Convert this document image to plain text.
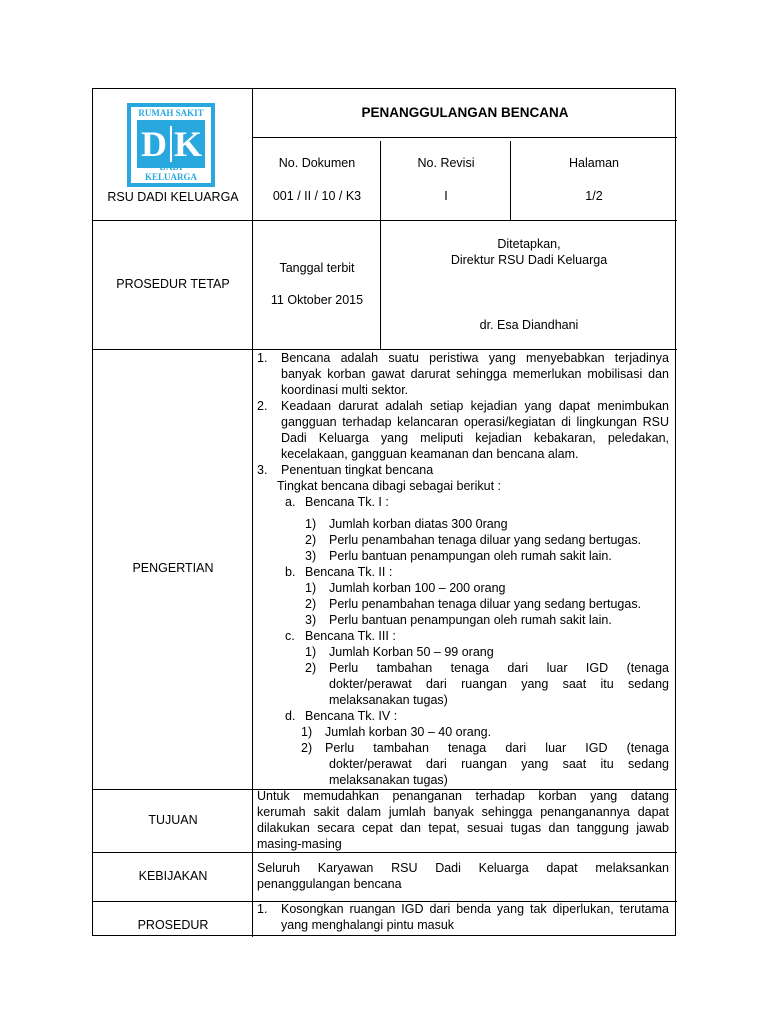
RUMAH SAKIT
D K
DADI KELUARGA
RSU DADI KELUARGA
PENANGGULANGAN BENCANA
No. Dokumen
001 / II / 10 / K3
No. Revisi
I
Halaman
1/2
PROSEDUR TETAP
Tanggal terbit
11 Oktober 2015
Ditetapkan,
Direktur RSU Dadi Keluarga
dr. Esa Diandhani
PENGERTIAN
1. Bencana adalah suatu peristiwa yang menyebabkan terjadinya
banyak korban gawat darurat sehingga memerlukan mobilisasi dan
koordinasi multi sektor.
2. Keadaan darurat adalah setiap kejadian yang dapat menimbukan
gangguan terhadap kelancaran operasi/kegiatan di lingkungan RSU
Dadi Keluarga yang meliputi kejadian kebakaran, peledakan,
kecelakaan, gangguan keamanan dan bencana alam.
3. Penentuan tingkat bencana
Tingkat bencana dibagi sebagai berikut :
a. Bencana Tk. I :
1) Jumlah korban diatas 300 0rang
2) Perlu penambahan tenaga diluar yang sedang bertugas.
3) Perlu bantuan penampungan oleh rumah sakit lain.
b. Bencana Tk. II :
1) Jumlah korban 100 – 200 orang
2) Perlu penambahan tenaga diluar yang sedang bertugas.
3) Perlu bantuan penampungan oleh rumah sakit lain.
c. Bencana Tk. III :
1) Jumlah Korban 50 – 99 orang
2) Perlu tambahan tenaga dari luar IGD (tenaga
dokter/perawat dari ruangan yang saat itu sedang
melaksanakan tugas)
d. Bencana Tk. IV :
1) Jumlah korban 30 – 40 orang.
2) Perlu tambahan tenaga dari luar IGD (tenaga
dokter/perawat dari ruangan yang saat itu sedang
melaksanakan tugas)
TUJUAN
Untuk memudahkan penanganan terhadap korban yang datang
kerumah sakit dalam jumlah banyak sehingga penanganannya dapat
dilakukan secara cepat dan tepat, sesuai tugas dan tanggung jawab
masing-masing
KEBIJAKAN
Seluruh Karyawan RSU Dadi Keluarga dapat melaksankan
penanggulangan bencana
PROSEDUR
1. Kosongkan ruangan IGD dari benda yang tak diperlukan, terutama
yang menghalangi pintu masuk
